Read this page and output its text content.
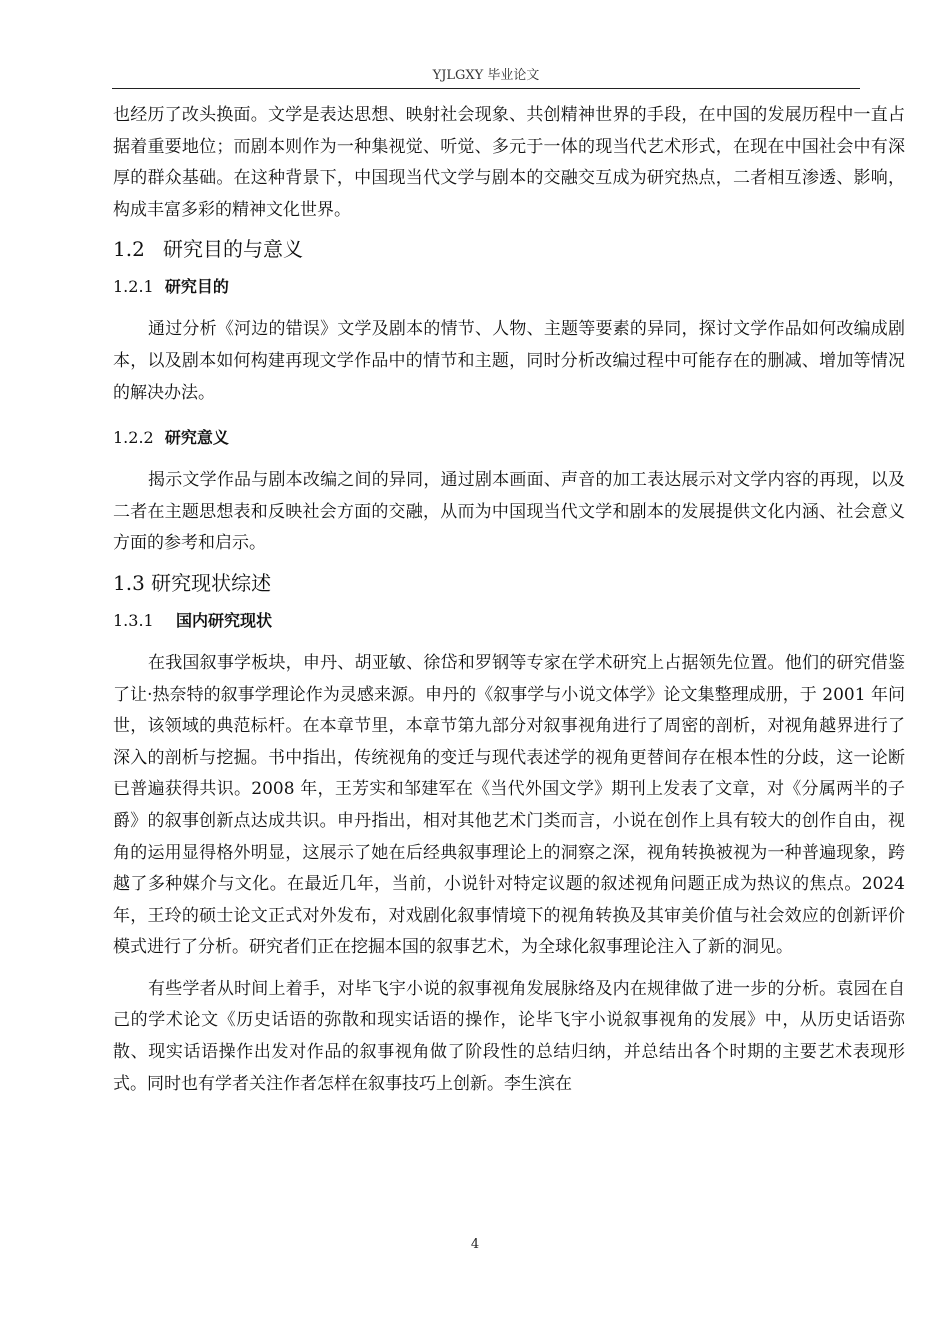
YJLGXY 毕业论文

也经历了改头换面。文学是表达思想、映射社会现象、共创精神世界的手段，在中国的发展历程中一直占据着重要地位；而剧本则作为一种集视觉、听觉、多元于一体的现当代艺术形式，在现在中国社会中有深厚的群众基础。在这种背景下，中国现当代文学与剧本的交融交互成为研究热点，二者相互渗透、影响，构成丰富多彩的精神文化世界。

1.2 研究目的与意义
1.2.1 研究目的

通过分析《河边的错误》文学及剧本的情节、人物、主题等要素的异同，探讨文学作品如何改编成剧本，以及剧本如何构建再现文学作品中的情节和主题，同时分析改编过程中可能存在的删减、增加等情况的解决办法。

1.2.2 研究意义

揭示文学作品与剧本改编之间的异同，通过剧本画面、声音的加工表达展示对文学内容的再现，以及二者在主题思想表和反映社会方面的交融，从而为中国现当代文学和剧本的发展提供文化内涵、社会意义方面的参考和启示。

1.3 研究现状综述
1.3.1 国内研究现状

在我国叙事学板块，申丹、胡亚敏、徐岱和罗钢等专家在学术研究上占据领先位置。他们的研究借鉴了让·热奈特的叙事学理论作为灵感来源。申丹的《叙事学与小说文体学》论文集整理成册，于 2001 年问世，该领域的典范标杆。在本章节里，本章节第九部分对叙事视角进行了周密的剖析，对视角越界进行了深入的剖析与挖掘。书中指出，传统视角的变迁与现代表述学的视角更替间存在根本性的分歧，这一论断已普遍获得共识。2008 年，王芳实和邹建军在《当代外国文学》期刊上发表了文章，对《分属两半的子爵》的叙事创新点达成共识。申丹指出，相对其他艺术门类而言，小说在创作上具有较大的创作自由，视角的运用显得格外明显，这展示了她在后经典叙事理论上的洞察之深，视角转换被视为一种普遍现象，跨越了多种媒介与文化。在最近几年，当前，小说针对特定议题的叙述视角问题正成为热议的焦点。2024 年，王玲的硕士论文正式对外发布，对戏剧化叙事情境下的视角转换及其审美价值与社会效应的创新评价模式进行了分析。研究者们正在挖掘本国的叙事艺术，为全球化叙事理论注入了新的洞见。

有些学者从时间上着手，对毕飞宇小说的叙事视角发展脉络及内在规律做了进一步的分析。袁园在自己的学术论文《历史话语的弥散和现实话语的操作，论毕飞宇小说叙事视角的发展》中，从历史话语弥散、现实话语操作出发对作品的叙事视角做了阶段性的总结归纳，并总结出各个时期的主要艺术表现形式。同时也有学者关注作者怎样在叙事技巧上创新。李生滨在

4
